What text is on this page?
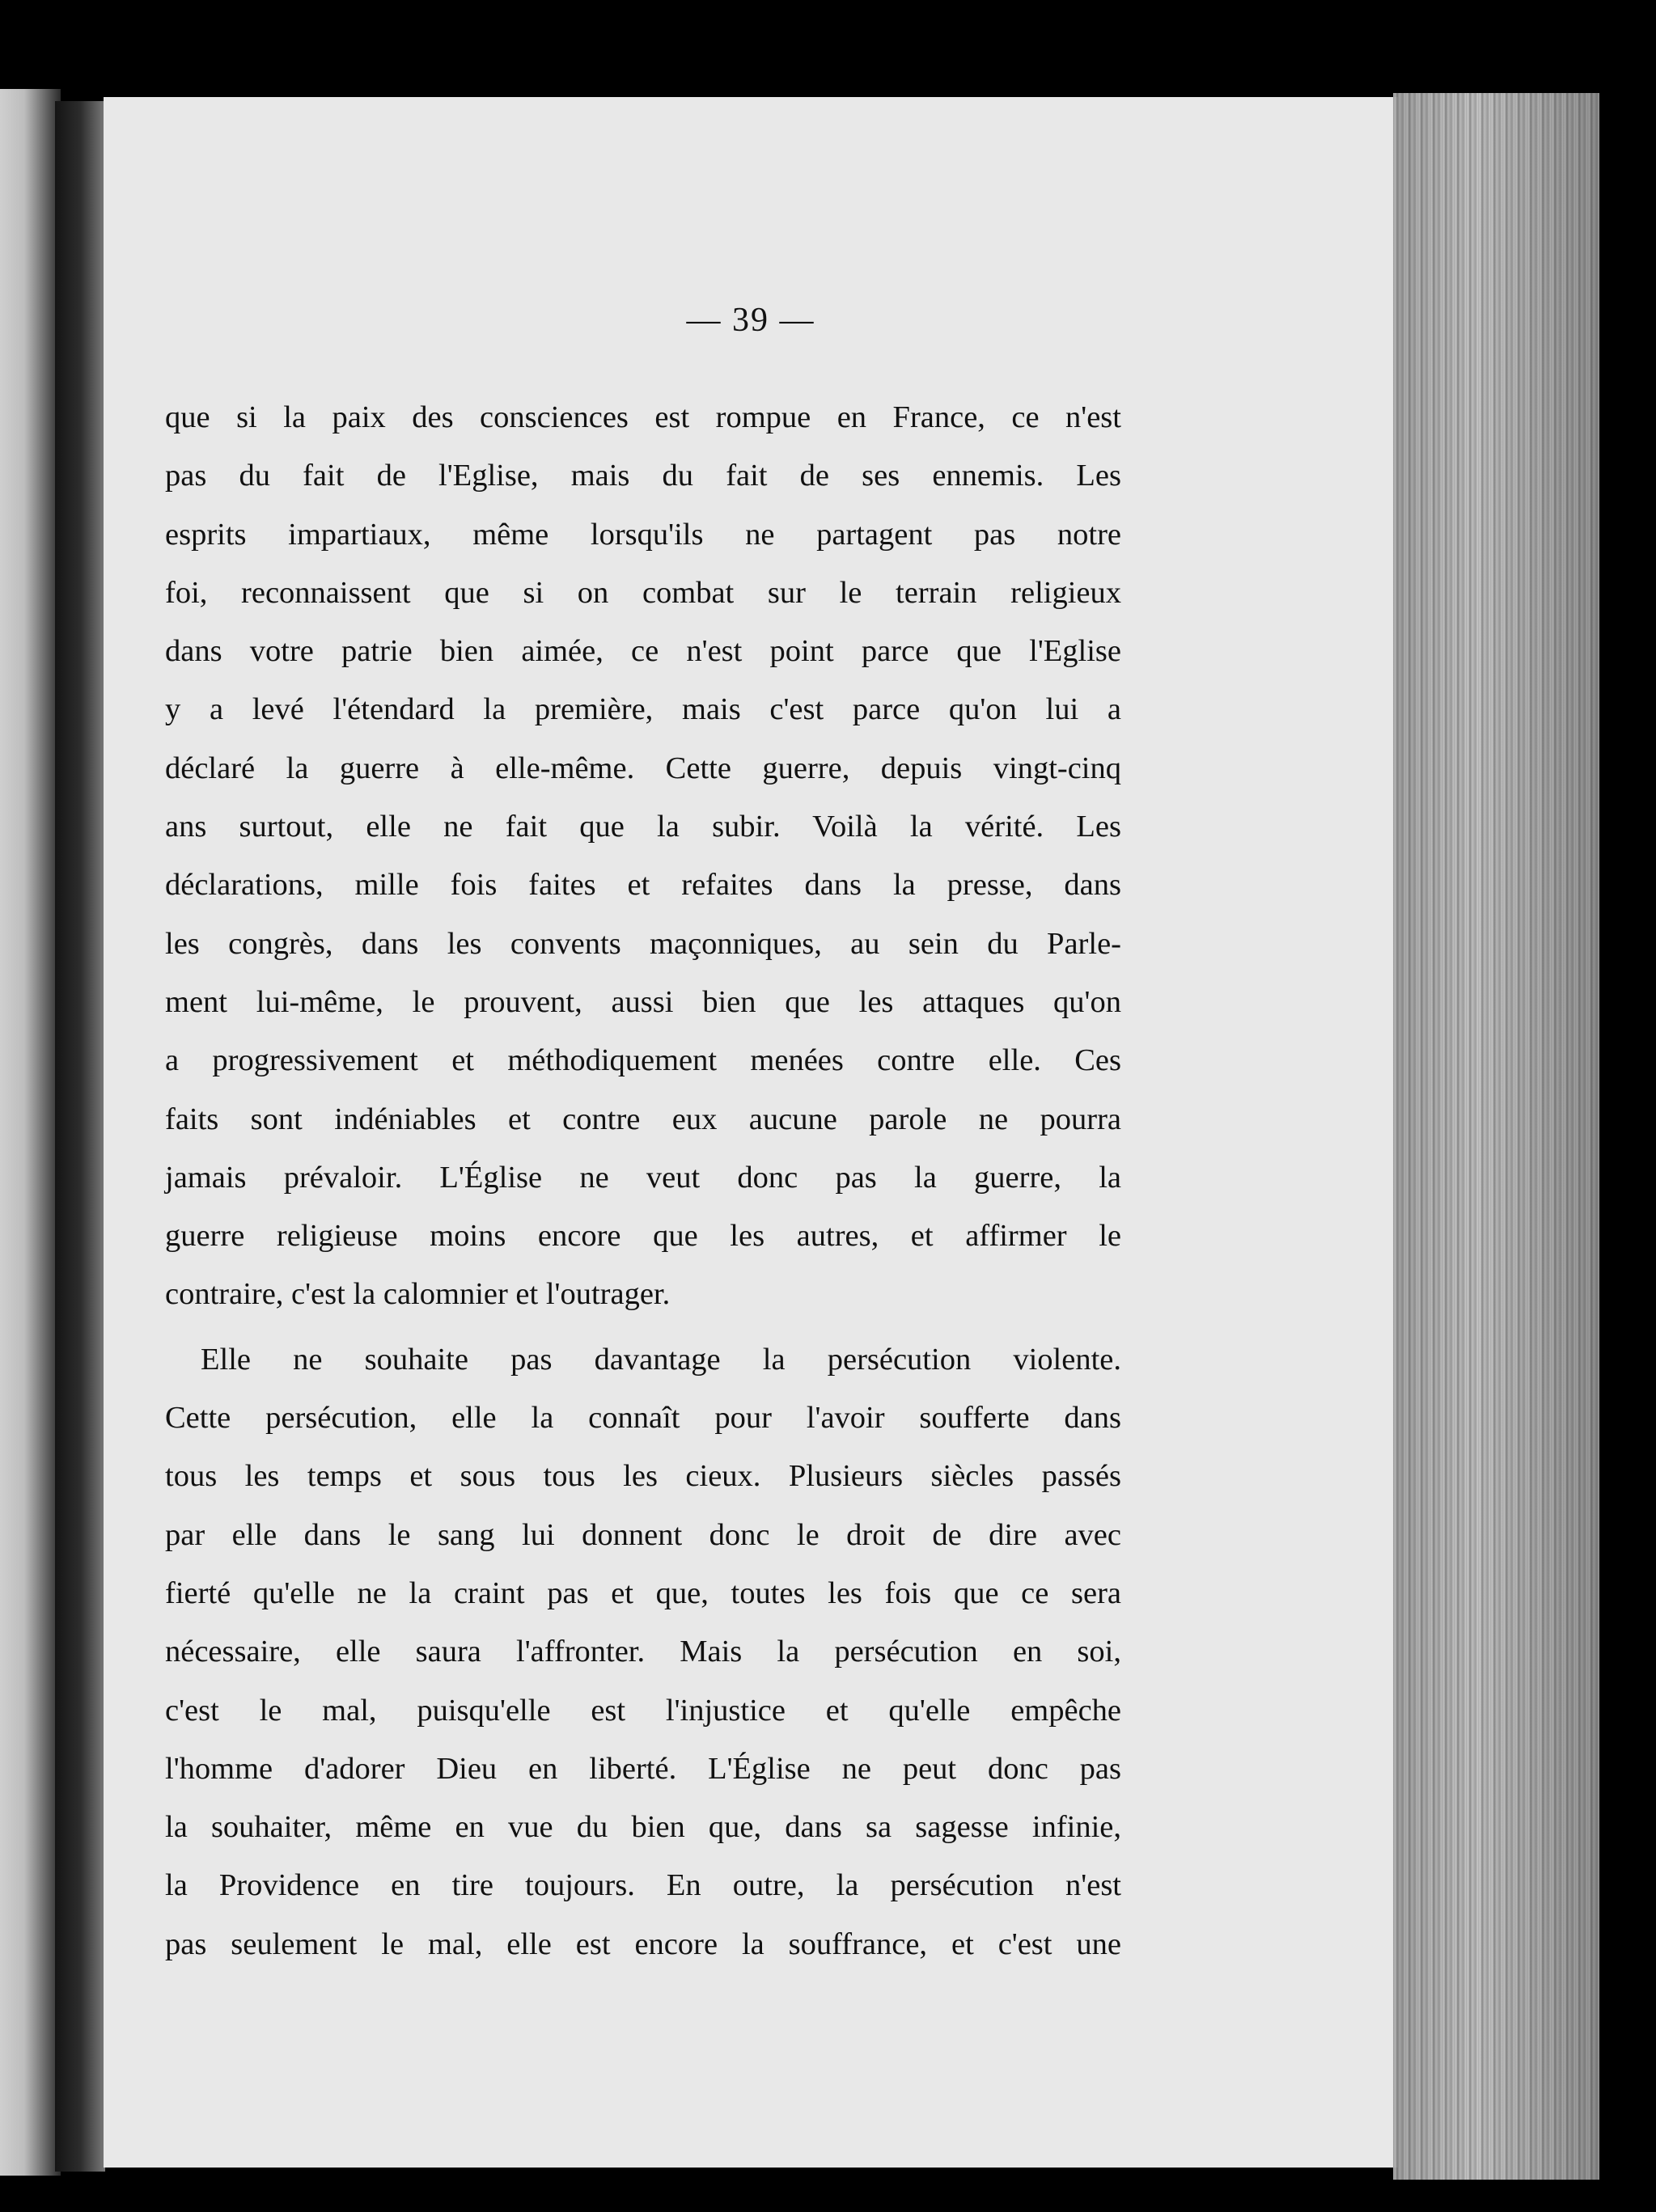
— 39 —
que si la paix des consciences est rompue en France, ce n'est
pas du fait de l'Eglise, mais du fait de ses ennemis. Les
esprits impartiaux, même lorsqu'ils ne partagent pas notre
foi, reconnaissent que si on combat sur le terrain religieux
dans votre patrie bien aimée, ce n'est point parce que l'Eglise
y a levé l'étendard la première, mais c'est parce qu'on lui a
déclaré la guerre à elle-même. Cette guerre, depuis vingt-cinq
ans surtout, elle ne fait que la subir. Voilà la vérité. Les
déclarations, mille fois faites et refaites dans la presse, dans
les congrès, dans les convents maçonniques, au sein du Parle-
ment lui-même, le prouvent, aussi bien que les attaques qu'on
a progressivement et méthodiquement menées contre elle. Ces
faits sont indéniables et contre eux aucune parole ne pourra
jamais prévaloir. L'Église ne veut donc pas la guerre, la
guerre religieuse moins encore que les autres, et affirmer le
contraire, c'est la calomnier et l'outrager.
Elle ne souhaite pas davantage la persécution violente.
Cette persécution, elle la connaît pour l'avoir soufferte dans
tous les temps et sous tous les cieux. Plusieurs siècles passés
par elle dans le sang lui donnent donc le droit de dire avec
fierté qu'elle ne la craint pas et que, toutes les fois que ce sera
nécessaire, elle saura l'affronter. Mais la persécution en soi,
c'est le mal, puisqu'elle est l'injustice et qu'elle empêche
l'homme d'adorer Dieu en liberté. L'Église ne peut donc pas
la souhaiter, même en vue du bien que, dans sa sagesse infinie,
la Providence en tire toujours. En outre, la persécution n'est
pas seulement le mal, elle est encore la souffrance, et c'est une
